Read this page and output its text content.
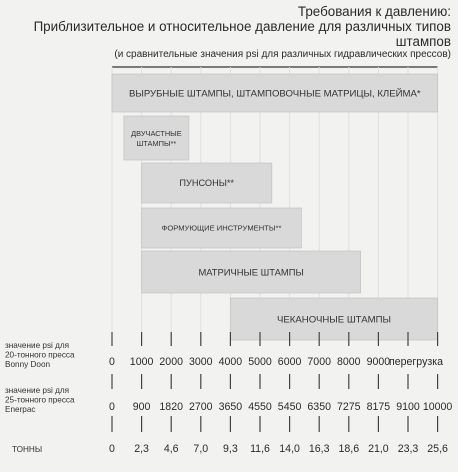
Требования к давлению:
Приблизительное и относительное давление для различных типов штампов
(и сравнительные значения psi для различных гидравлических прессов)
ВЫРУБНЫЕ ШТАМПЫ, ШТАМПОВОЧНЫЕ МАТРИЦЫ, КЛЕЙМА*
ДВУЧАСТНЫЕ ШТАМПЫ**
ПУНСОНЫ**
ФОРМУЮЩИЕ ИНСТРУМЕНТЫ**
МАТРИЧНЫЕ ШТАМПЫ
ЧЕКАНОЧНЫЕ ШТАМПЫ
значение psi для 20-тонного пресса Bonny Doon	0 1000 2000 3000 4000 5000 6000 7000 8000 9000
перегрузка
значение psi для 25-тонного пресса Enerpac	0 900 1820 2700 3650 4550 5450 6350 7275 8175 9100 10000
ТОННЫ	0 2,3 4,6 7,0 9,3 11,6 14,0 16,3 18,6 21,0 23,3 25,6
